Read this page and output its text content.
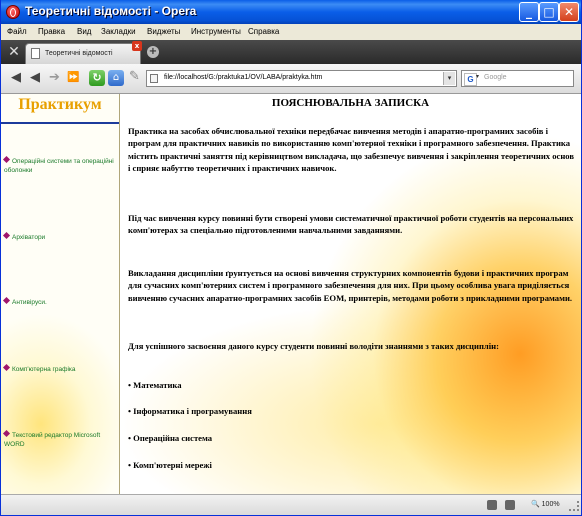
Теоретичні відомості - Opera	_ □ ✕
Файл Правка Вид Закладки Виджеты Инструменты Справка
✕	Теоретичні відомості
x +
◀ ◀ ➔ ⏩	↻	⌂ ✎	file://localhost/G:/praktuka1/OV/LABA/praktyka.htm	▾	G ▾ Google
Практикум
Операційні системи та операційні оболонки
Архіватори
Антивіруси.
Комп'ютерна графіка
Текстовий редактор Microsoft WORD
ПОЯСНЮВАЛЬНА ЗАПИСКА

Практика на засобах обчислювальної техніки передбачає вивчення методів і апаратно-програмних засобів і програм для практичних навиків по використанню комп'ютерної техніки і програмного забезпечення. Практика містить практичні заняття під керівництвом викладача, що забезпечує вивчення і закріплення теоретичних основ і сприяє набуттю теоретичних і практичних навичок.

Під час вивчення курсу повинні бути створені умови систематичної практичної роботи студентів на персональних комп'ютерах за спеціально підготовленими навчальними завданнями.

Викладання дисципліни ґрунтується на основі вивчення структурних компонентів будови і практичних програм для сучасних комп'ютерних систем і програмного забезпечення для них. При цьому особлива увага приділяється вивченню сучасних апаратно-програмних засобів ЕОМ, принтерів, методами роботи з прикладними програмами.

Для успішного засвоєння даного курсу студенти повинні володіти знаннями з таких дисциплін:

• Математика
• Інформатика і програмування
• Операційна система
• Комп'ютерні мережі
🔍 100%
